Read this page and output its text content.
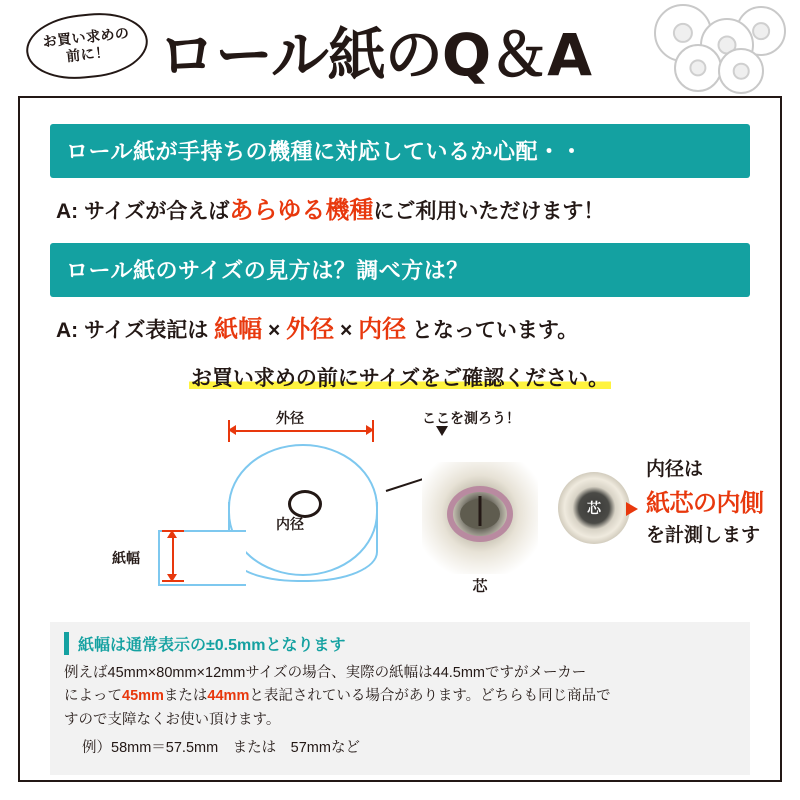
お買い求めの
前に！ ロール紙のQ＆A
ロール紙が手持ちの機種に対応しているか心配・・
A: サイズが合えばあらゆる機種にご利用いただけます！
ロール紙のサイズの見方は？調べ方は？
A: サイズ表記は 紙幅 × 外径 × 内径 となっています。
お買い求めの前にサイズをご確認ください。
外径
内径
紙幅
ここを測ろう！
芯
芯
内径は
紙芯の内側
を計測します
紙幅は通常表示の±0.5mmとなります
例えば45mm×80mm×12mmサイズの場合、実際の紙幅は44.5mmですがメーカー
によって45mmまたは44mmと表記されている場合があります。どちらも同じ商品で
すので支障なくお使い頂けます。
例）58mm＝57.5mm　または　57mmなど
